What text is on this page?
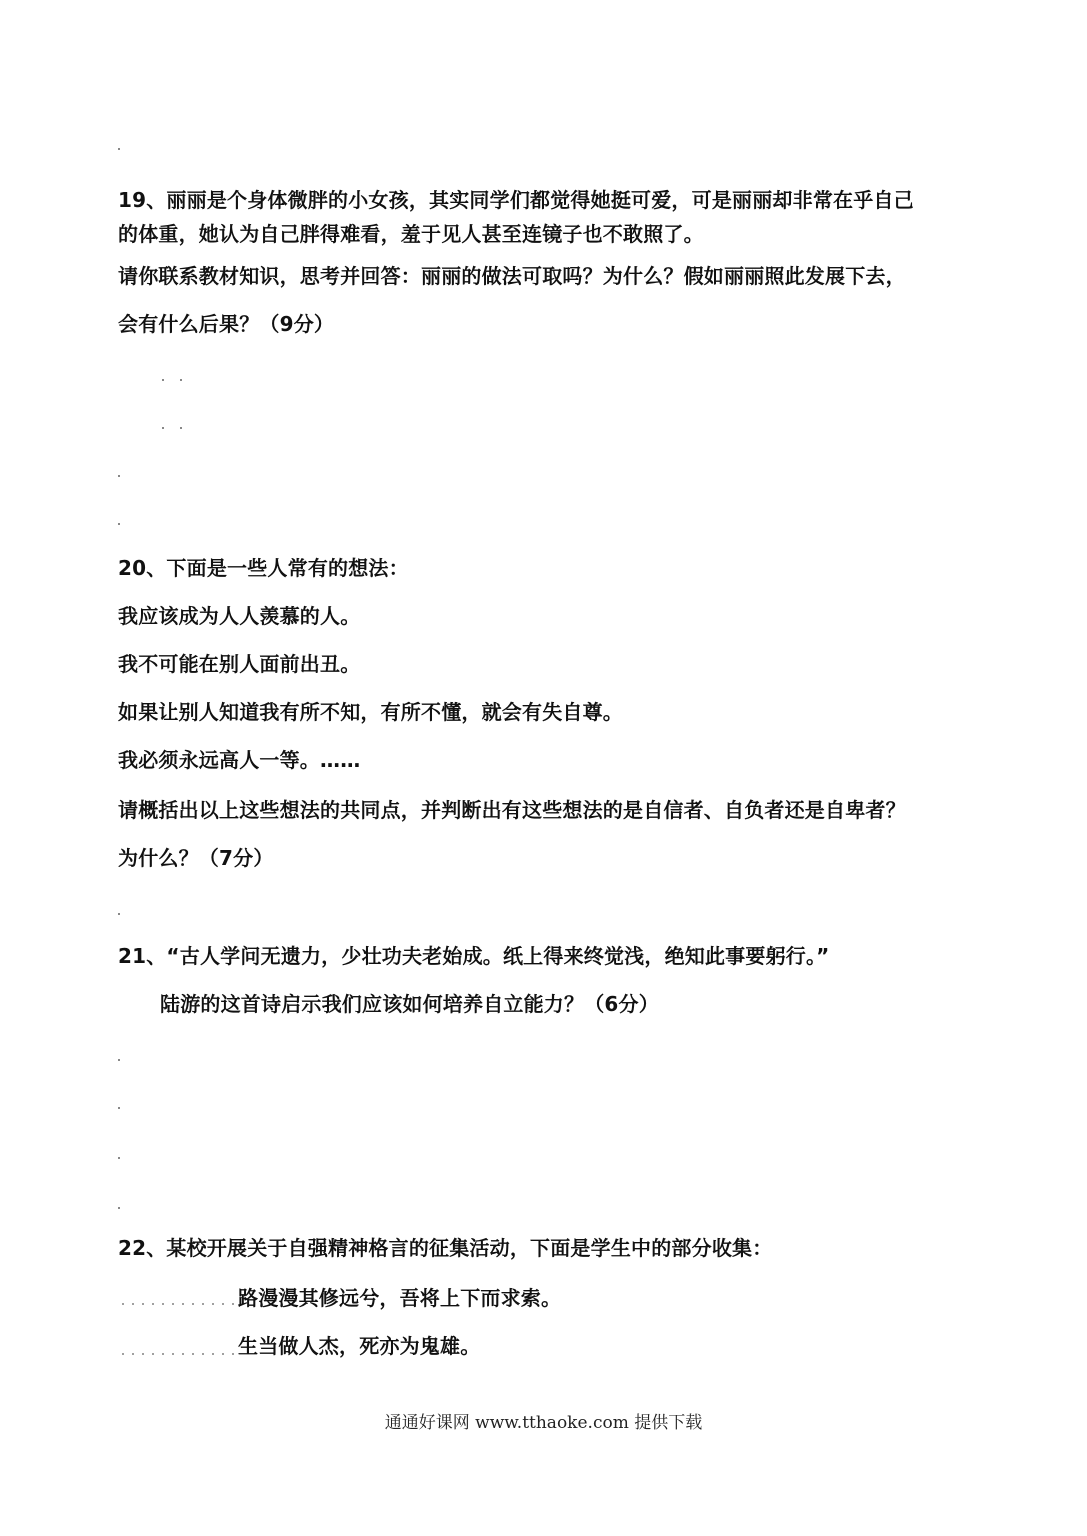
19、丽丽是个身体微胖的小女孩，其实同学们都觉得她挺可爱，可是丽丽却非常在乎自己
的体重，她认为自己胖得难看，羞于见人甚至连镜子也不敢照了。
请你联系教材知识，思考并回答：丽丽的做法可取吗？为什么？假如丽丽照此发展下去，
会有什么后果？（9分）
20、下面是一些人常有的想法：
我应该成为人人羡慕的人。
我不可能在别人面前出丑。
如果让别人知道我有所不知，有所不懂，就会有失自尊。
我必须永远高人一等。……
请概括出以上这些想法的共同点，并判断出有这些想法的是自信者、自负者还是自卑者？
为什么？（7分）
21、“古人学问无遗力，少壮功夫老始成。纸上得来终觉浅，绝知此事要躬行。”
陆游的这首诗启示我们应该如何培养自立能力？（6分）
22、某校开展关于自强精神格言的征集活动，下面是学生中的部分收集：
路漫漫其修远兮，吾将上下而求索。
生当做人杰，死亦为鬼雄。
通通好课网 www.tthaoke.com 提供下载
